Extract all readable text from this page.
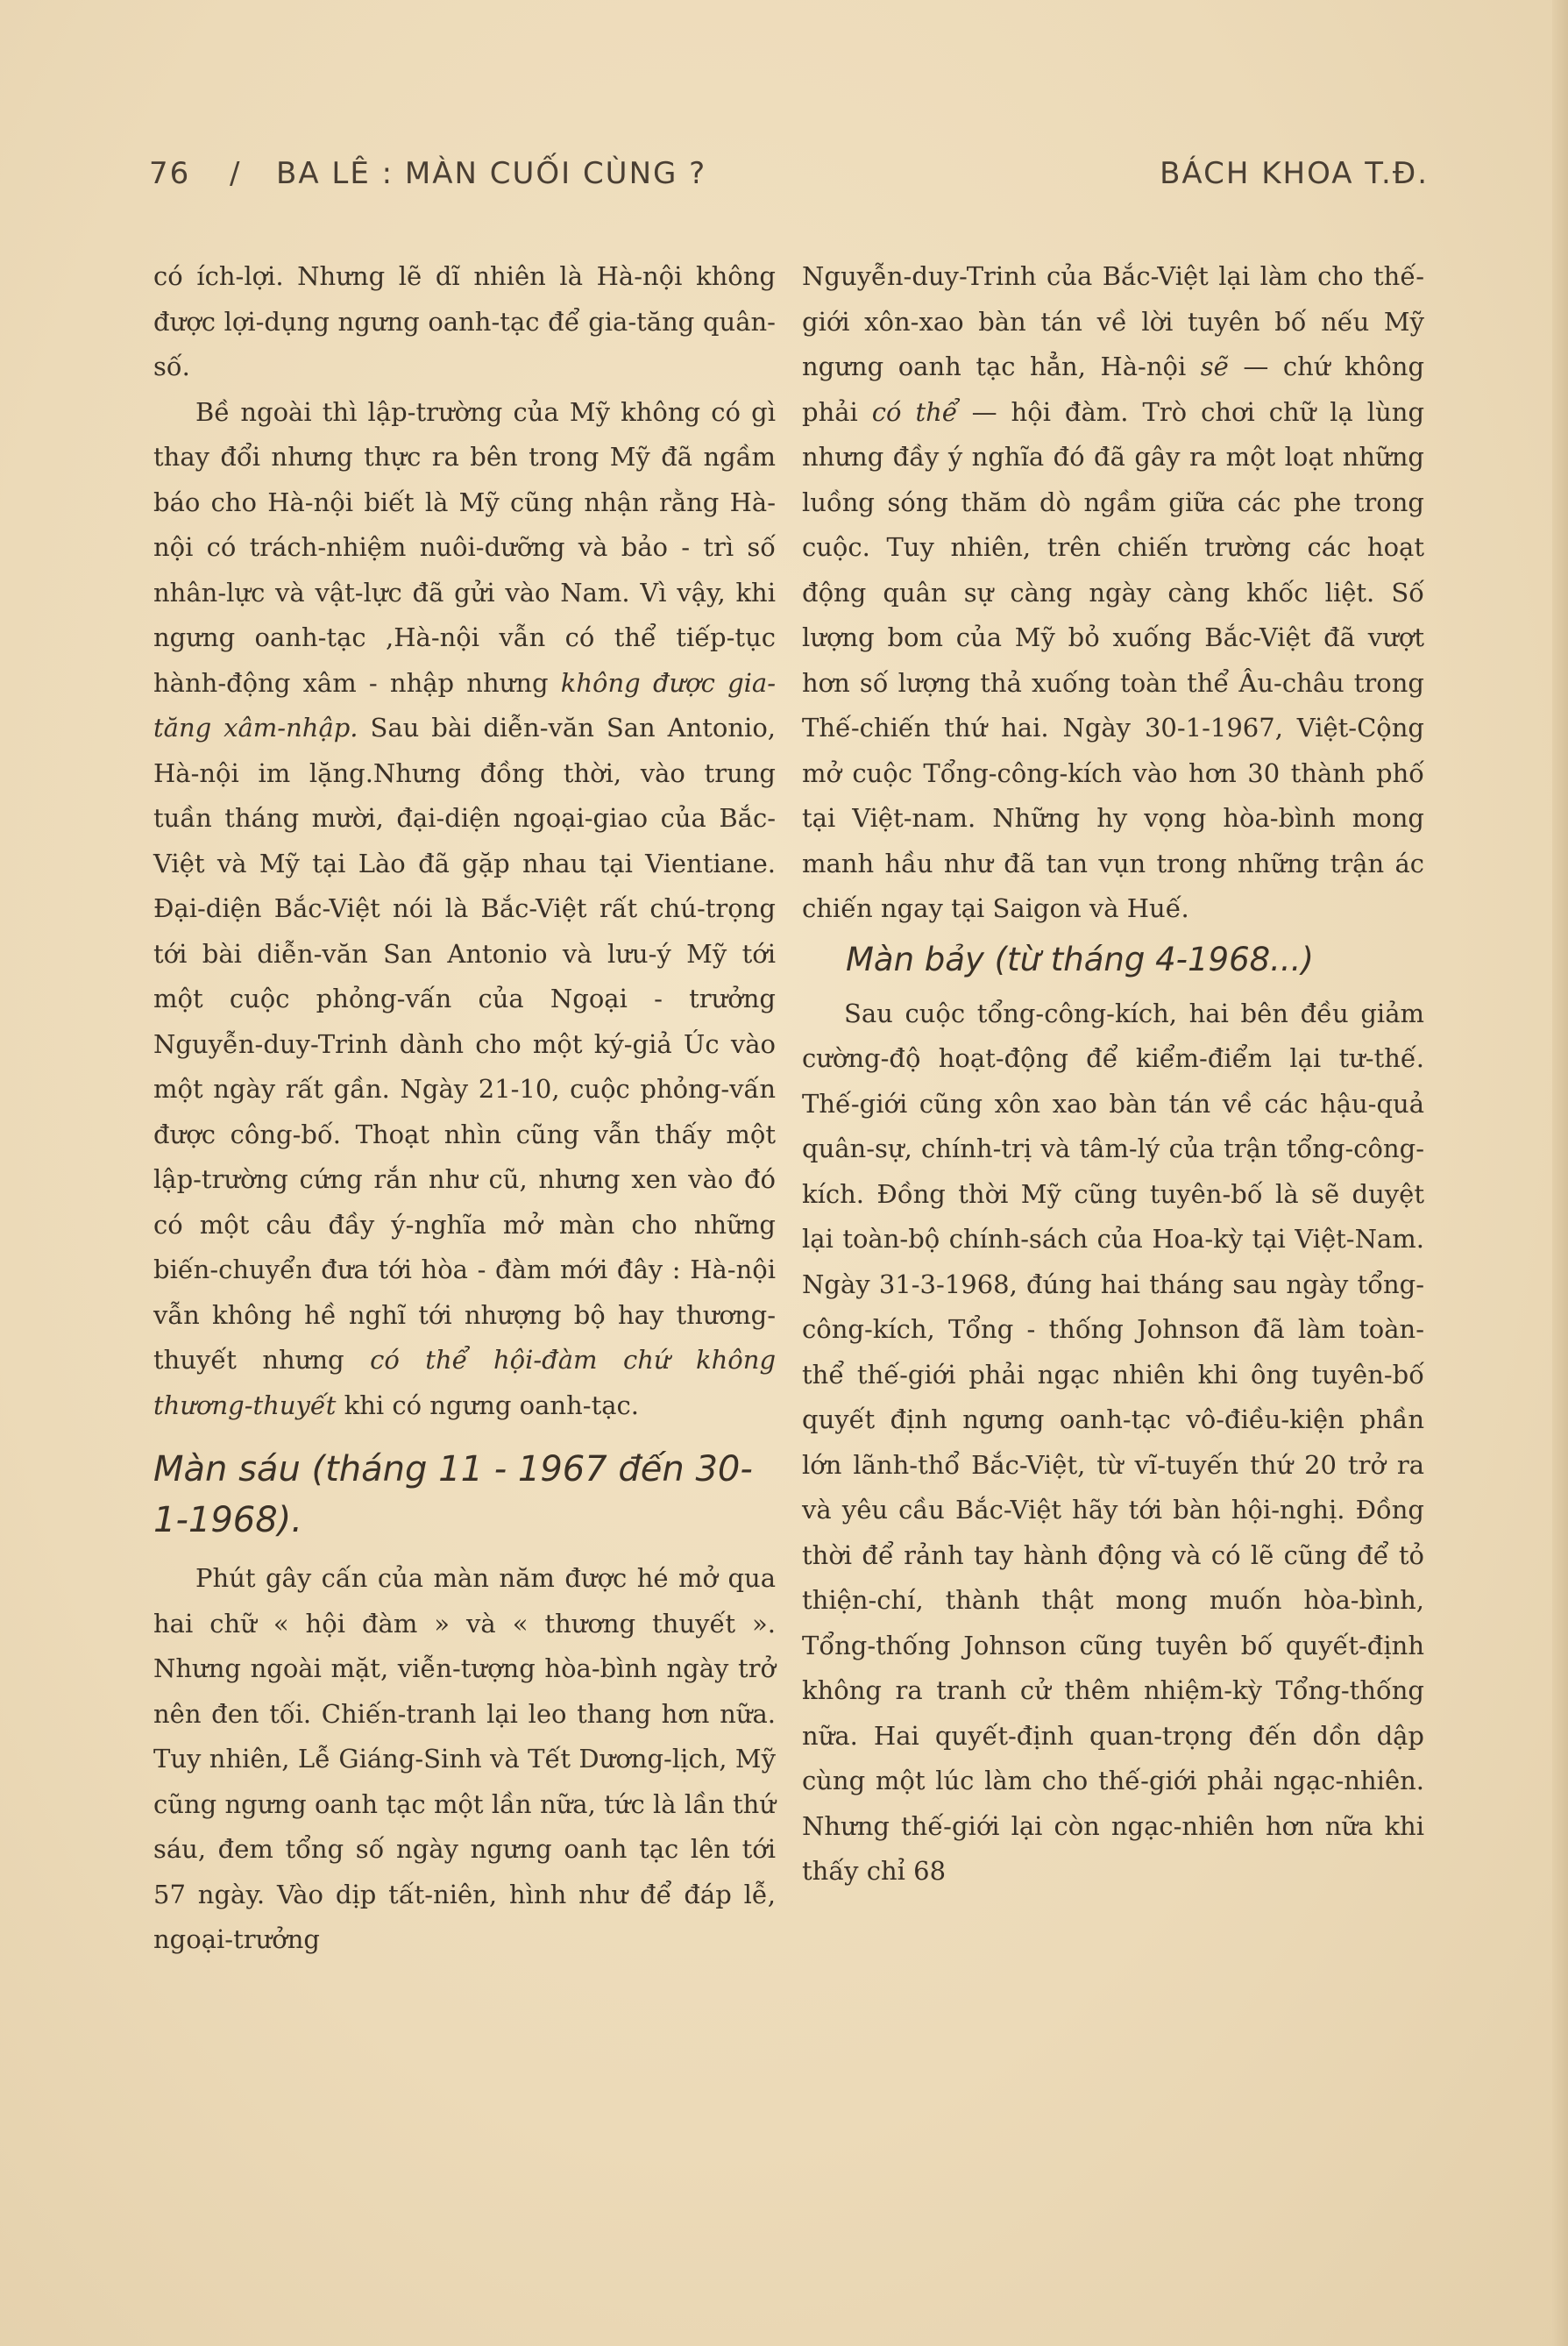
76 / BA LÊ : MÀN CUỐI CÙNG ?	BÁCH KHOA T.Đ.

có ích-lợi. Nhưng lẽ dĩ nhiên là Hà-nội không được lợi-dụng ngưng oanh-tạc để gia-tăng quân-số.

Bề ngoài thì lập-trường của Mỹ không có gì thay đổi nhưng thực ra bên trong Mỹ đã ngầm báo cho Hà-nội biết là Mỹ cũng nhận rằng Hà-nội có trách-nhiệm nuôi-dưỡng và bảo - trì số nhân-lực và vật-lực đã gửi vào Nam. Vì vậy, khi ngưng oanh-tạc ,Hà-nội vẫn có thể tiếp-tục hành-động xâm - nhập nhưng không được gia-tăng xâm-nhập. Sau bài diễn-văn San Antonio, Hà-nội im lặng.Nhưng đồng thời, vào trung tuần tháng mười, đại-diện ngoại-giao của Bắc-Việt và Mỹ tại Lào đã gặp nhau tại Vientiane. Đại-diện Bắc-Việt nói là Bắc-Việt rất chú-trọng tới bài diễn-văn San Antonio và lưu-ý Mỹ tới một cuộc phỏng-vấn của Ngoại - trưởng Nguyễn-duy-Trinh dành cho một ký-giả Úc vào một ngày rất gần. Ngày 21-10, cuộc phỏng-vấn được công-bố. Thoạt nhìn cũng vẫn thấy một lập-trường cứng rắn như cũ, nhưng xen vào đó có một câu đầy ý-nghĩa mở màn cho những biến-chuyển đưa tới hòa - đàm mới đây : Hà-nội vẫn không hề nghĩ tới nhượng bộ hay thương-thuyết nhưng có thể hội-đàm chứ không thương-thuyết khi có ngưng oanh-tạc.

Màn sáu (tháng 11 - 1967 đến 30-1-1968).

Phút gây cấn của màn năm được hé mở qua hai chữ « hội đàm » và « thương thuyết ». Nhưng ngoài mặt, viễn-tượng hòa-bình ngày trở nên đen tối. Chiến-tranh lại leo thang hơn nữa. Tuy nhiên, Lễ Giáng-Sinh và Tết Dương-lịch, Mỹ cũng ngưng oanh tạc một lần nữa, tức là lần thứ sáu, đem tổng số ngày ngưng oanh tạc lên tới 57 ngày. Vào dịp tất-niên, hình như để đáp lễ, ngoại-trưởng

Nguyễn-duy-Trinh của Bắc-Việt lại làm cho thế-giới xôn-xao bàn tán về lời tuyên bố nếu Mỹ ngưng oanh tạc hẳn, Hà-nội sẽ — chứ không phải có thể — hội đàm. Trò chơi chữ lạ lùng nhưng đầy ý nghĩa đó đã gây ra một loạt những luồng sóng thăm dò ngầm giữa các phe trong cuộc. Tuy nhiên, trên chiến trường các hoạt động quân sự càng ngày càng khốc liệt. Số lượng bom của Mỹ bỏ xuống Bắc-Việt đã vượt hơn số lượng thả xuống toàn thể Âu-châu trong Thế-chiến thứ hai. Ngày 30-1-1967, Việt-Cộng mở cuộc Tổng-công-kích vào hơn 30 thành phố tại Việt-nam. Những hy vọng hòa-bình mong manh hầu như đã tan vụn trong những trận ác chiến ngay tại Saigon và Huế.

Màn bảy (từ tháng 4-1968...)

Sau cuộc tổng-công-kích, hai bên đều giảm cường-độ hoạt-động để kiểm-điểm lại tư-thế. Thế-giới cũng xôn xao bàn tán về các hậu-quả quân-sự, chính-trị và tâm-lý của trận tổng-công-kích. Đồng thời Mỹ cũng tuyên-bố là sẽ duyệt lại toàn-bộ chính-sách của Hoa-kỳ tại Việt-Nam. Ngày 31-3-1968, đúng hai tháng sau ngày tổng-công-kích, Tổng - thống Johnson đã làm toàn-thể thế-giới phải ngạc nhiên khi ông tuyên-bố quyết định ngưng oanh-tạc vô-điều-kiện phần lớn lãnh-thổ Bắc-Việt, từ vĩ-tuyến thứ 20 trở ra và yêu cầu Bắc-Việt hãy tới bàn hội-nghị. Đồng thời để rảnh tay hành động và có lẽ cũng để tỏ thiện-chí, thành thật mong muốn hòa-bình, Tổng-thống Johnson cũng tuyên bố quyết-định không ra tranh cử thêm nhiệm-kỳ Tổng-thống nữa. Hai quyết-định quan-trọng đến dồn dập cùng một lúc làm cho thế-giới phải ngạc-nhiên. Nhưng thế-giới lại còn ngạc-nhiên hơn nữa khi thấy chỉ 68
